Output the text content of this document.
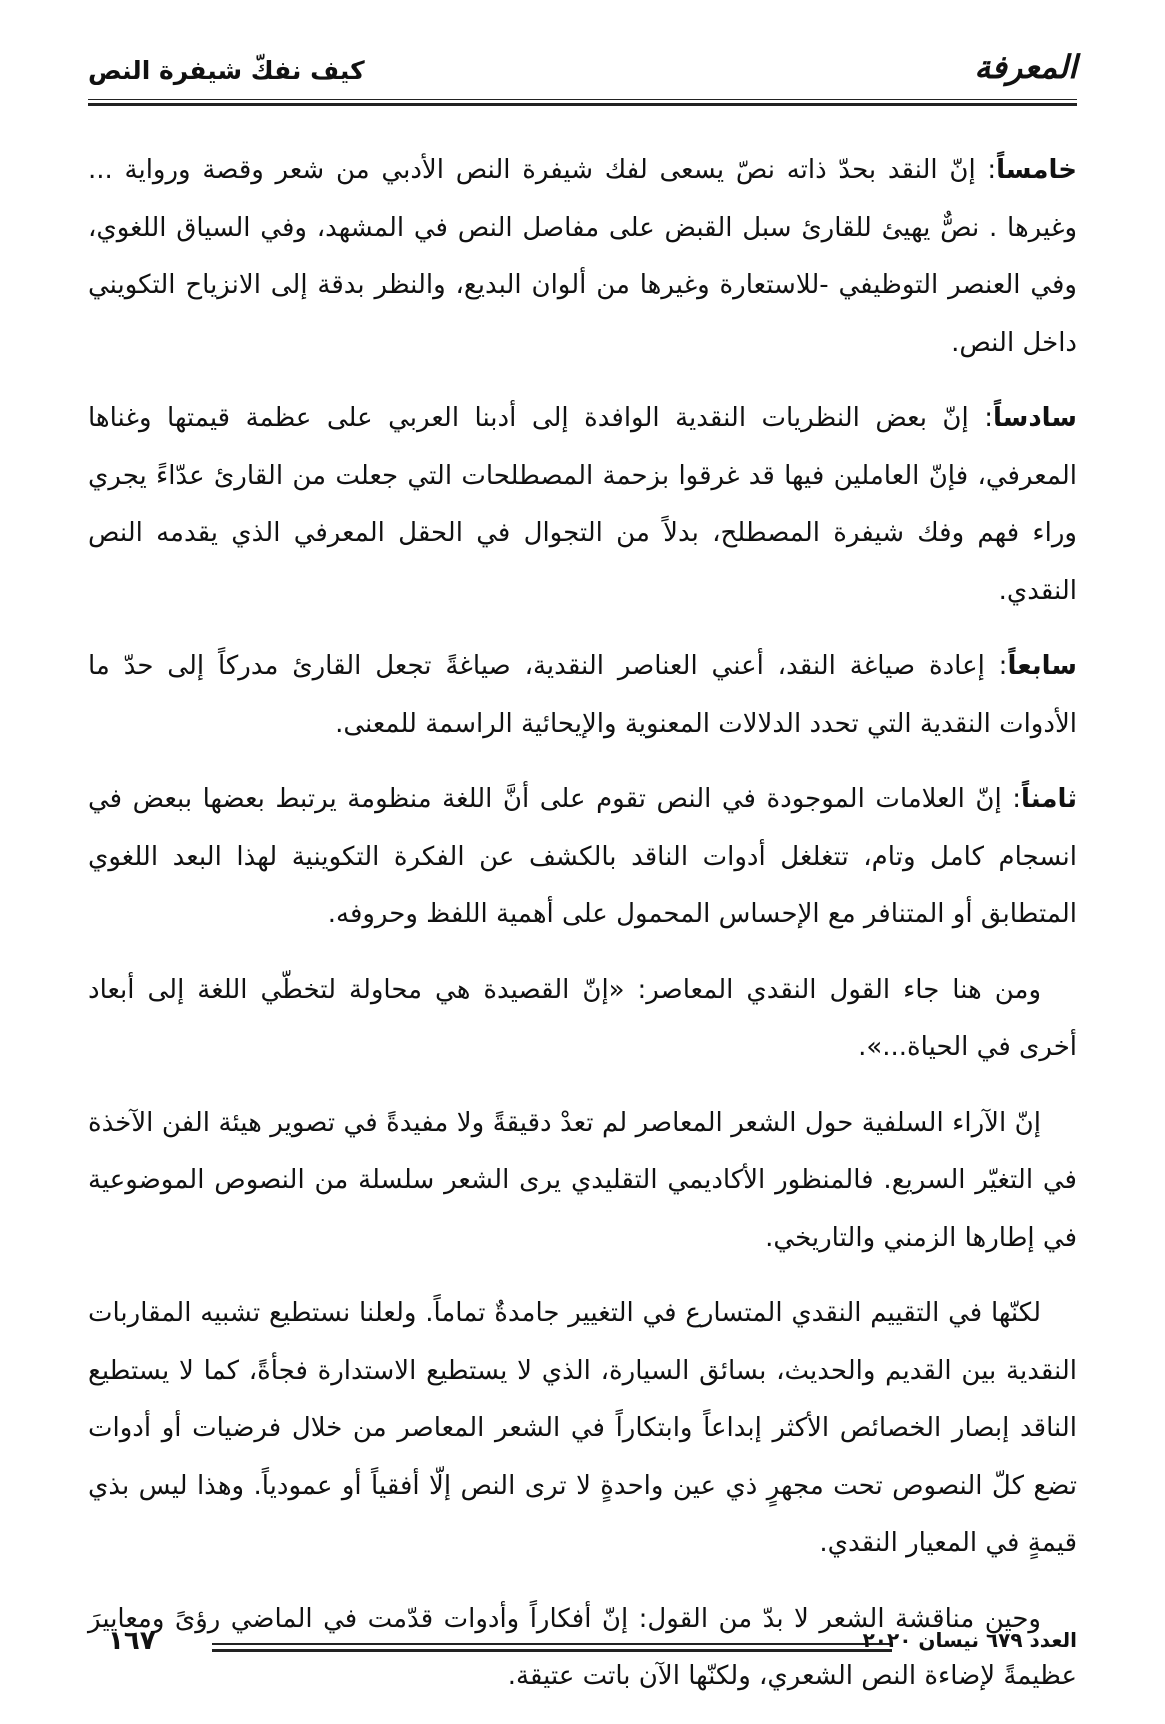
كيف نفكّ شيفرة النص	المعرفة

خامساً: إنّ النقد بحدّ ذاته نصّ يسعى لفك شيفرة النص الأدبي من شعر وقصة ورواية ... وغيرها . نصٌّ يهيئ للقارئ سبل القبض على مفاصل النص في المشهد، وفي السياق اللغوي، وفي العنصر التوظيفي -للاستعارة وغيرها من ألوان البديع، والنظر بدقة إلى الانزياح التكويني داخل النص.

سادساً: إنّ بعض النظريات النقدية الوافدة إلى أدبنا العربي على عظمة قيمتها وغناها المعرفي، فإنّ العاملين فيها قد غرقوا بزحمة المصطلحات التي جعلت من القارئ عدّاءً يجري وراء فهم وفك شيفرة المصطلح، بدلاً من التجوال في الحقل المعرفي الذي يقدمه النص النقدي.

سابعاً: إعادة صياغة النقد، أعني العناصر النقدية، صياغةً تجعل القارئ مدركاً إلى حدّ ما الأدوات النقدية التي تحدد الدلالات المعنوية والإيحائية الراسمة للمعنى.

ثامناً: إنّ العلامات الموجودة في النص تقوم على أنَّ اللغة منظومة يرتبط بعضها ببعض في انسجام كامل وتام، تتغلغل أدوات الناقد بالكشف عن الفكرة التكوينية لهذا البعد اللغوي المتطابق أو المتنافر مع الإحساس المحمول على أهمية اللفظ وحروفه.

ومن هنا جاء القول النقدي المعاصر: «إنّ القصيدة هي محاولة لتخطّي اللغة إلى أبعاد أخرى في الحياة...».

إنّ الآراء السلفية حول الشعر المعاصر لم تعدْ دقيقةً ولا مفيدةً في تصوير هيئة الفن الآخذة في التغيّر السريع. فالمنظور الأكاديمي التقليدي يرى الشعر سلسلة من النصوص الموضوعية في إطارها الزمني والتاريخي.

لكنّها في التقييم النقدي المتسارع في التغيير جامدةٌ تماماً. ولعلنا نستطيع تشبيه المقاربات النقدية بين القديم والحديث، بسائق السيارة، الذي لا يستطيع الاستدارة فجأةً، كما لا يستطيع الناقد إبصار الخصائص الأكثر إبداعاً وابتكاراً في الشعر المعاصر من خلال فرضيات أو أدوات تضع كلّ النصوص تحت مجهرٍ ذي عين واحدةٍ لا ترى النص إلّا أفقياً أو عمودياً. وهذا ليس بذي قيمةٍ في المعيار النقدي.

وحين مناقشة الشعر لا بدّ من القول: إنّ أفكاراً وأدوات قدّمت في الماضي رؤىً ومعاييرَ عظيمةً لإضاءة النص الشعري، ولكنّها الآن باتت عتيقة.

١٦٧	العدد ٦٧٩ نيسان ٢٠٢٠
